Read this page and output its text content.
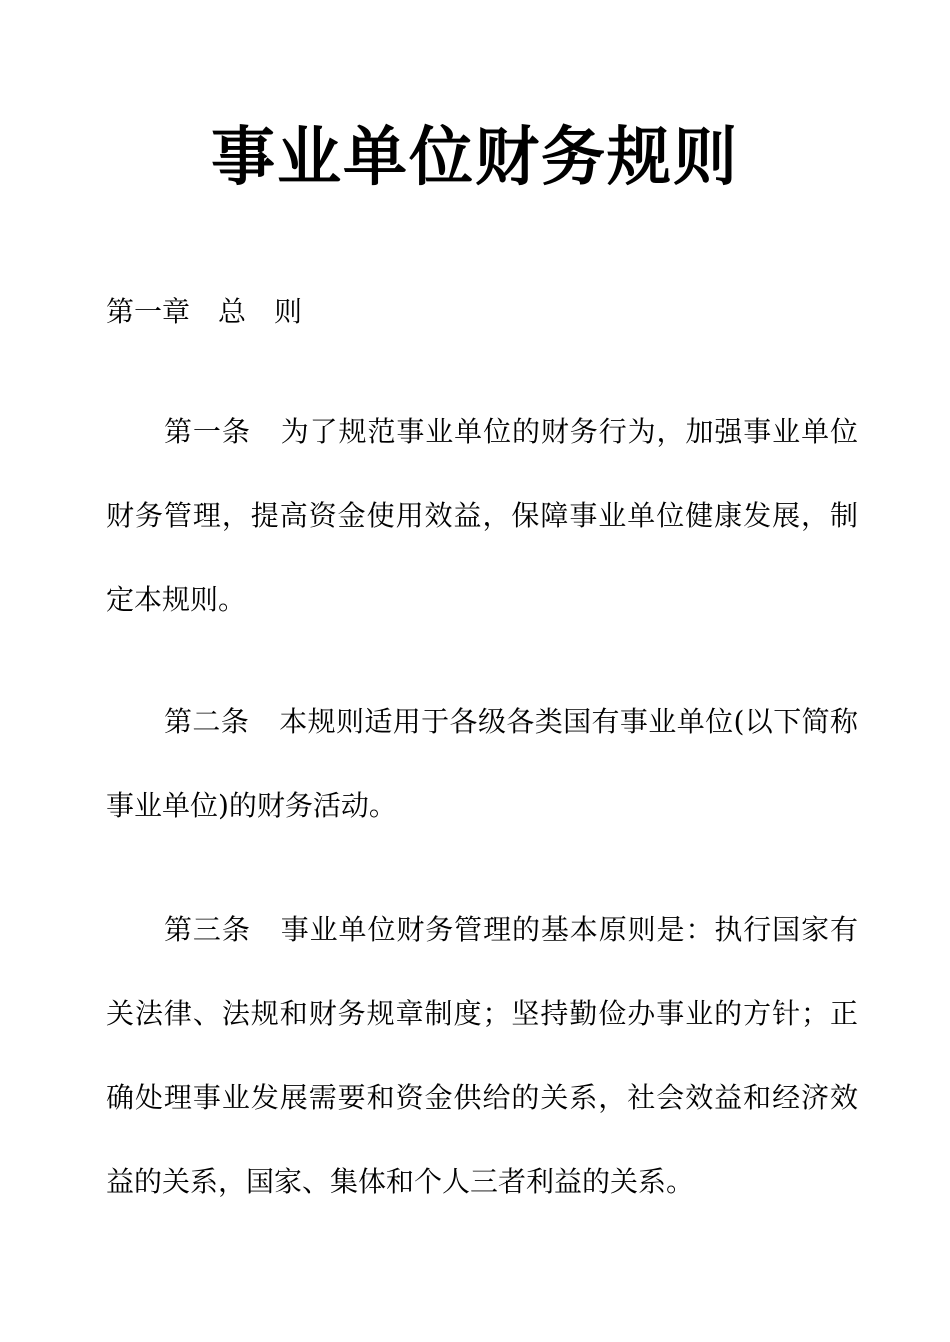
事业单位财务规则

第一章　总　则

第一条 为了规范事业单位的财务行为，加强事业单位财务管理，提高资金使用效益，保障事业单位健康发展，制定本规则。

第二条 本规则适用于各级各类国有事业单位(以下简称事业单位)的财务活动。

第三条 事业单位财务管理的基本原则是：执行国家有关法律、法规和财务规章制度；坚持勤俭办事业的方针；正确处理事业发展需要和资金供给的关系，社会效益和经济效益的关系，国家、集体和个人三者利益的关系。
